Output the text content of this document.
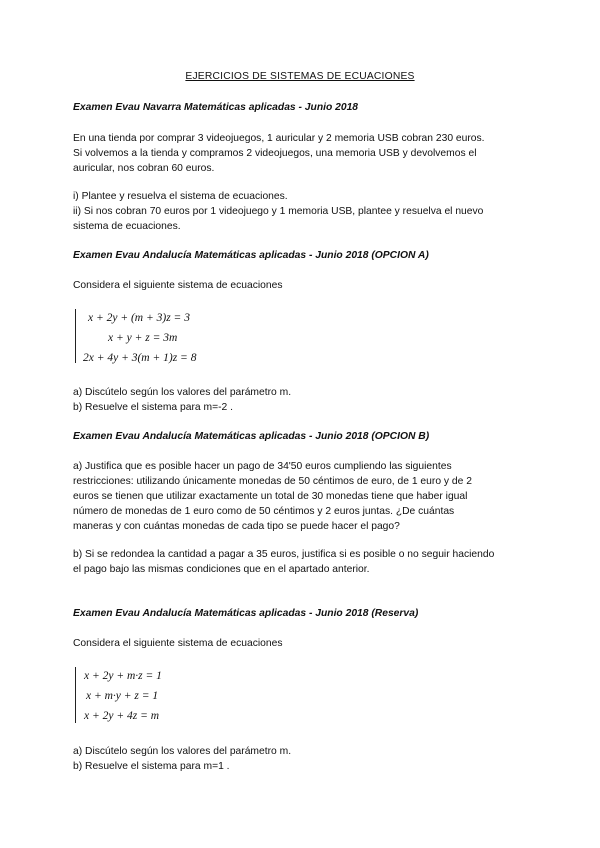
EJERCICIOS DE SISTEMAS DE ECUACIONES
Examen Evau Navarra Matemáticas aplicadas - Junio 2018
En una tienda por comprar 3 videojuegos, 1 auricular y 2 memoria USB cobran 230 euros.
Si volvemos a la tienda y compramos 2 videojuegos, una memoria USB y devolvemos el
auricular, nos cobran 60 euros.
i) Plantee y resuelva el sistema de ecuaciones.
ii) Si nos cobran 70 euros por 1 videojuego y 1 memoria USB, plantee y resuelva el nuevo
sistema de ecuaciones.
Examen Evau Andalucía Matemáticas aplicadas - Junio 2018 (OPCION A)
Considera el siguiente sistema de ecuaciones
x + 2y + (m + 3)z = 3
x + y + z = 3m
2x + 4y + 3(m + 1)z = 8
a) Discútelo según los valores del parámetro m.
b) Resuelve el sistema para m=-2 .
Examen Evau Andalucía Matemáticas aplicadas - Junio 2018 (OPCION B)
a) Justifica que es posible hacer un pago de 34'50 euros cumpliendo las siguientes
restricciones: utilizando únicamente monedas de 50 céntimos de euro, de 1 euro y de 2
euros se tienen que utilizar exactamente un total de 30 monedas tiene que haber igual
número de monedas de 1 euro como de 50 céntimos y 2 euros juntas. ¿De cuántas
maneras y con cuántas monedas de cada tipo se puede hacer el pago?
b) Si se redondea la cantidad a pagar a 35 euros, justifica si es posible o no seguir haciendo
el pago bajo las mismas condiciones que en el apartado anterior.
Examen Evau Andalucía Matemáticas aplicadas - Junio 2018 (Reserva)
Considera el siguiente sistema de ecuaciones
x + 2y + m·z = 1
x + m·y + z = 1
x + 2y + 4z = m
a) Discútelo según los valores del parámetro m.
b) Resuelve el sistema para m=1 .
